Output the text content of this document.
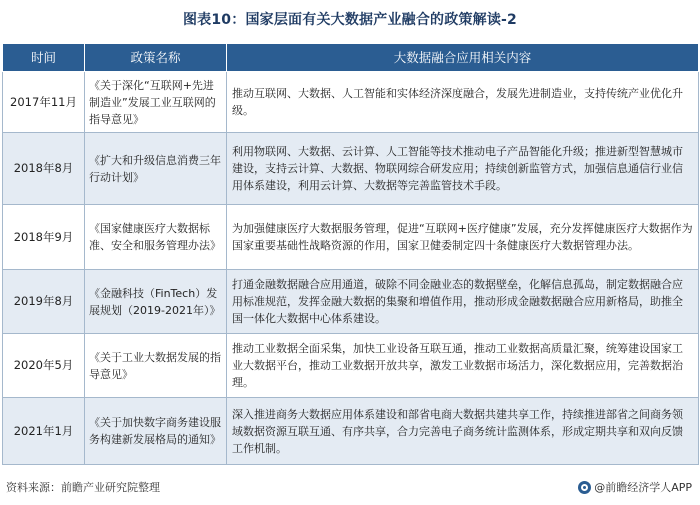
图表10：国家层面有关大数据产业融合的政策解读-2
时间	政策名称	大数据融合应用相关内容
2017年11月	《关于深化“互联网+先进制造业”发展工业互联网的指导意见》	推动互联网、大数据、人工智能和实体经济深度融合，发展先进制造业，支持传统产业优化升级。
2018年8月	《扩大和升级信息消费三年行动计划》	利用物联网、大数据、云计算、人工智能等技术推动电子产品智能化升级；推进新型智慧城市建设，支持云计算、大数据、物联网综合研发应用；持续创新监管方式，加强信息通信行业信用体系建设，利用云计算、大数据等完善监管技术手段。
2018年9月	《国家健康医疗大数据标准、安全和服务管理办法》	为加强健康医疗大数据服务管理，促进“互联网+医疗健康”发展，充分发挥健康医疗大数据作为国家重要基础性战略资源的作用，国家卫健委制定四十条健康医疗大数据管理办法。
2019年8月	《金融科技（FinTech）发展规划（2019-2021年）》	打通金融数据融合应用通道，破除不同金融业态的数据壁垒，化解信息孤岛，制定数据融合应用标准规范，发挥金融大数据的集聚和增值作用，推动形成金融数据融合应用新格局，助推全国一体化大数据中心体系建设。
2020年5月	《关于工业大数据发展的指导意见》	推动工业数据全面采集，加快工业设备互联互通，推动工业数据高质量汇聚，统筹建设国家工业大数据平台，推动工业数据开放共享，激发工业数据市场活力，深化数据应用，完善数据治理。
2021年1月	《关于加快数字商务建设服务构建新发展格局的通知》	深入推进商务大数据应用体系建设和部省电商大数据共建共享工作，持续推进部省之间商务领域数据资源互联互通、有序共享，合力完善电子商务统计监测体系，形成定期共享和双向反馈工作机制。
资料来源：前瞻产业研究院整理	@前瞻经济学人APP
